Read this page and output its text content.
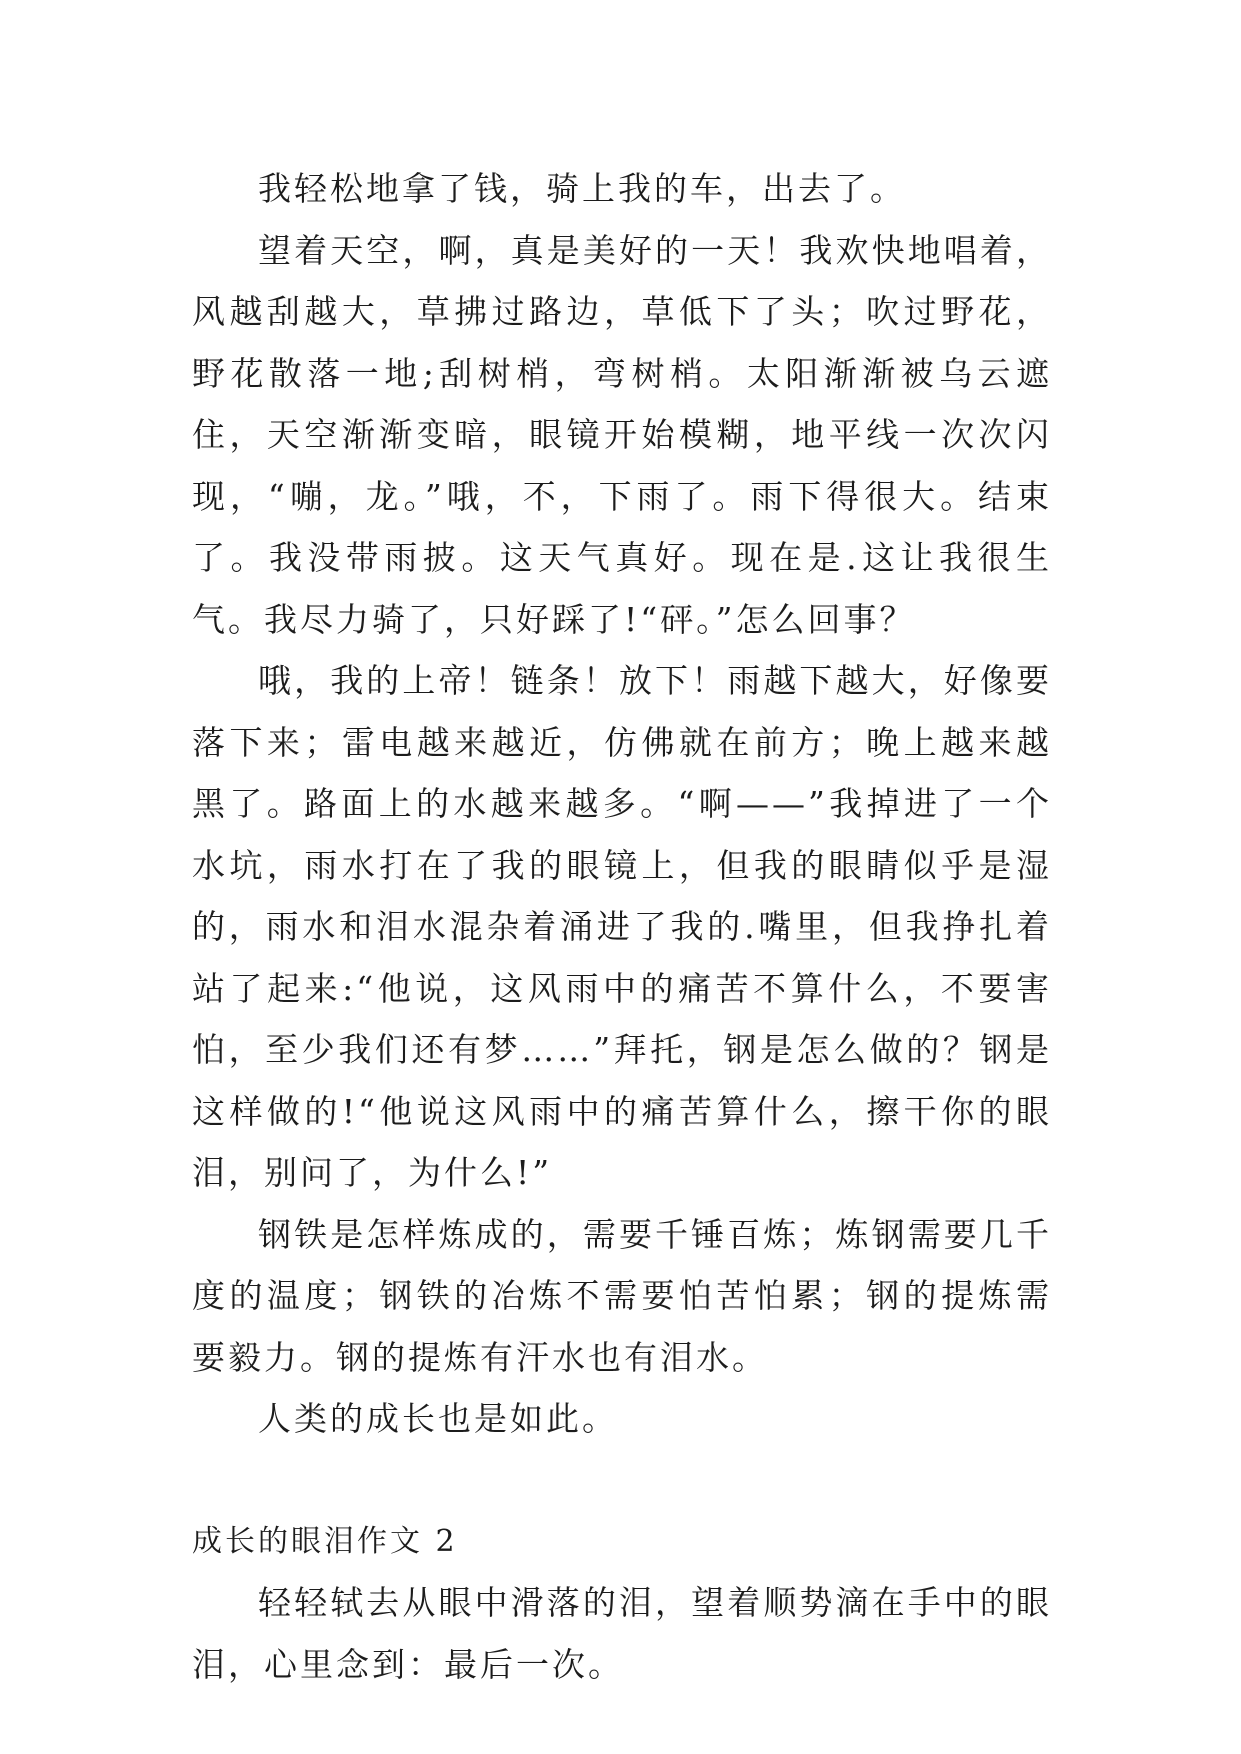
我轻松地拿了钱，骑上我的车，出去了。

望着天空，啊，真是美好的一天！我欢快地唱着，风越刮越大，草拂过路边，草低下了头；吹过野花，野花散落一地;刮树梢，弯树梢。太阳渐渐被乌云遮住，天空渐渐变暗，眼镜开始模糊，地平线一次次闪现，“嘣，龙。”哦，不，下雨了。雨下得很大。结束了。我没带雨披。这天气真好。现在是.这让我很生气。我尽力骑了，只好踩了!“砰。”怎么回事？

哦，我的上帝！链条！放下！雨越下越大，好像要落下来；雷电越来越近，仿佛就在前方；晚上越来越黑了。路面上的水越来越多。“啊——”我掉进了一个水坑，雨水打在了我的眼镜上，但我的眼睛似乎是湿的，雨水和泪水混杂着涌进了我的.嘴里，但我挣扎着站了起来:“他说，这风雨中的痛苦不算什么，不要害怕，至少我们还有梦……”拜托，钢是怎么做的？钢是这样做的!“他说这风雨中的痛苦算什么，擦干你的眼泪，别问了，为什么!”

钢铁是怎样炼成的，需要千锤百炼；炼钢需要几千度的温度；钢铁的冶炼不需要怕苦怕累；钢的提炼需要毅力。钢的提炼有汗水也有泪水。

人类的成长也是如此。

成长的眼泪作文 2

轻轻轼去从眼中滑落的泪，望着顺势滴在手中的眼泪，心里念到：最后一次。
